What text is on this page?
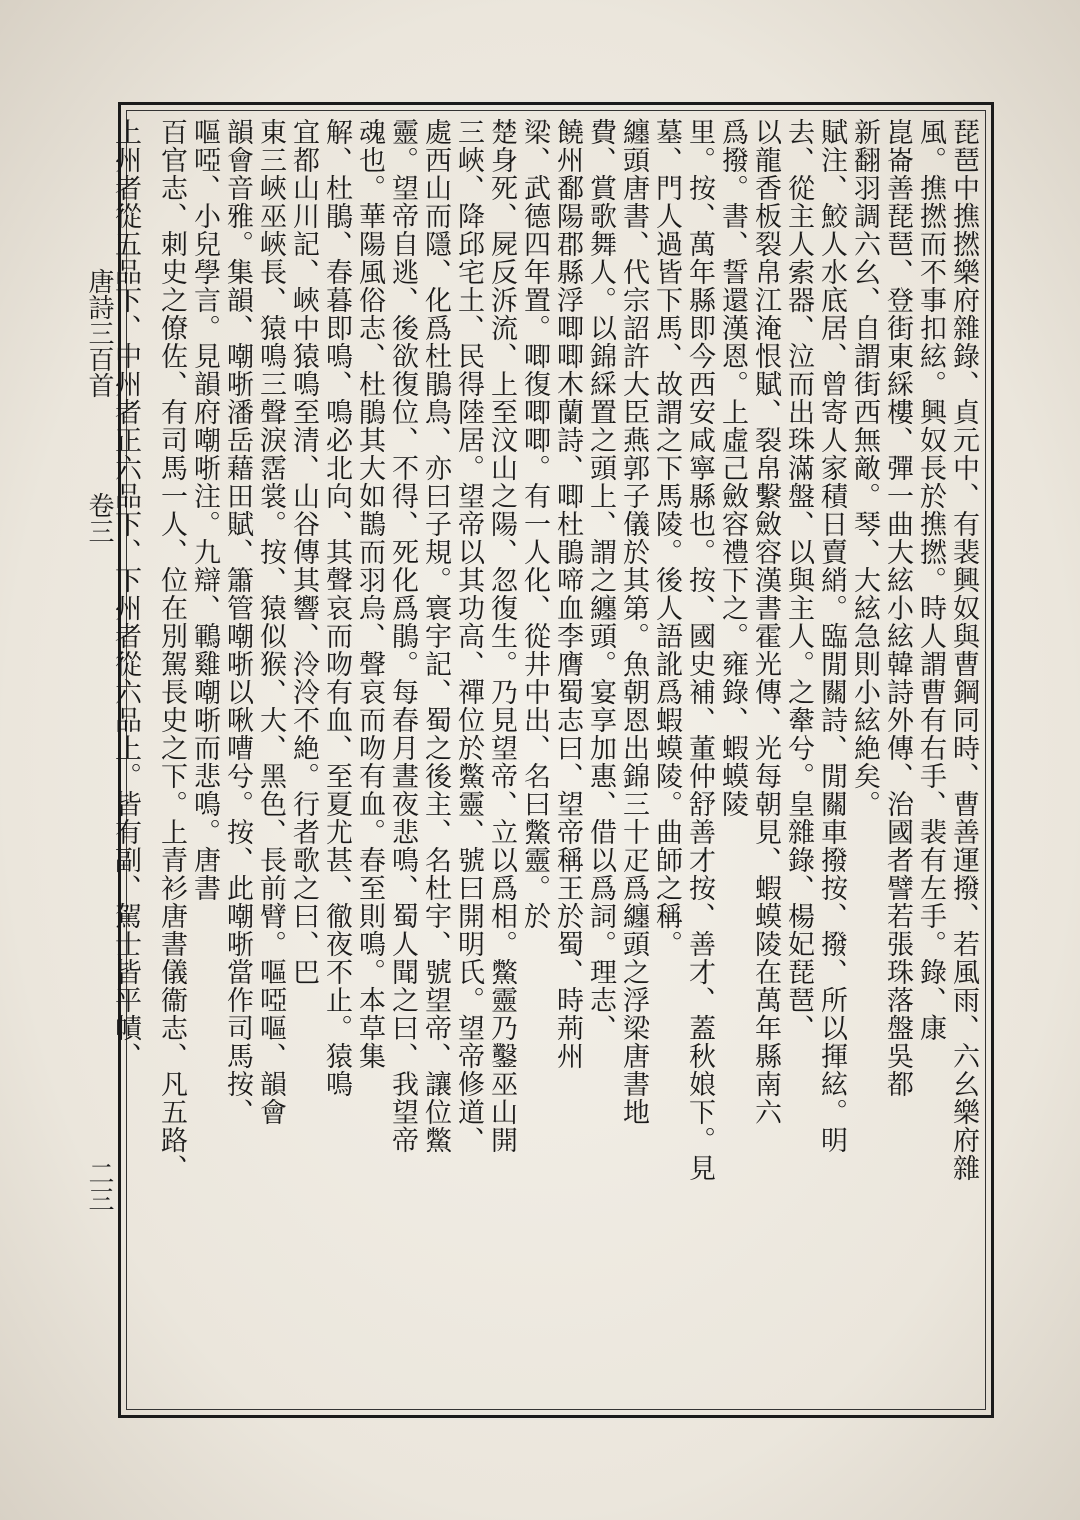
唐詩三百首  卷三
二三
琵琶中撨撚樂府雜錄、貞元中、有裴興奴與曹鋼同時、曹善運撥、若風雨、六幺樂府雜
風。撨撚而不事扣絃。興奴長於撨撚。時人謂曹有右手、裴有左手。錄、康
崑崙善琵琶、登街東綵樓、彈一曲大絃小絃韓詩外傳、治國者譬若張珠落盤吳都
新翻羽調六幺、自謂街西無敵。琴、大絃急則小絃絶矣。
賦注、鮫人水底居、曾寄人家積日賣綃。臨閒關詩、閒關車撥按、撥、所以揮絃。明
去、從主人索器、泣而出珠滿盤、以與主人。之舝兮。皇雜錄、楊妃琵琶、
以龍香板裂帛江淹恨賦、裂帛繫斂容漢書霍光傳、光每朝見、蝦蟆陵在萬年縣南六
爲撥。書、誓還漢恩。上虛己斂容禮下之。雍錄、蝦蟆陵
里。按、萬年縣即今西安咸寧縣也。按、國史補、董仲舒善才按、善才、蓋秋娘下。見
墓、門人過皆下馬、故謂之下馬陵。後人語訛爲蝦蟆陵。曲師之稱。
纏頭唐書、代宗詔許大臣燕郭子儀於其第。魚朝恩出錦三十疋爲纏頭之浮梁唐書地
費、賞歌舞人。以錦綵置之頭上、謂之纏頭。宴享加惠、借以爲詞。理志、
饒州鄱陽郡縣浮唧唧木蘭詩、唧杜鵑啼血李膺蜀志曰、望帝稱王於蜀、時荊州
梁、武德四年置。唧復唧唧。有一人化、從井中出、名曰鱉靈。於
楚身死、屍反泝流、上至汶山之陽、忽復生。乃見望帝、立以爲相。鱉靈乃鑿巫山開
三峽、降邱宅土、民得陸居。望帝以其功高、禪位於鱉靈、號曰開明氏。望帝修道、
處西山而隱、化爲杜鵑鳥、亦曰子規。寰宇記、蜀之後主、名杜宇、號望帝、讓位鱉
靈。望帝自逃、後欲復位、不得、死化爲鵑。每春月晝夜悲鳴、蜀人聞之曰、我望帝
魂也。華陽風俗志、杜鵑其大如鵲而羽烏、聲哀而吻有血。春至則鳴。本草集
解、杜鵑、春暮即鳴、鳴必北向、其聲哀而吻有血、至夏尤甚、徹夜不止。猿鳴
宜都山川記、峽中猿鳴至清、山谷傳其響、泠泠不絶。行者歌之曰、巴
東三峽巫峽長、猿鳴三聲淚霑裳。按、猿似猴、大、黑色、長前臂。嘔啞嘔、韻會
韻會音雅。集韻、嘲哳潘岳藉田賦、簫管嘲哳以啾嘈兮。按、此嘲哳當作司馬按、
嘔啞、小兒學言。見韻府嘲哳注。九辯、鶤雞嘲哳而悲鳴。唐書
百官志、刺史之僚佐、有司馬一人、位在別駕長史之下。上青衫唐書儀衞志、凡五路、
